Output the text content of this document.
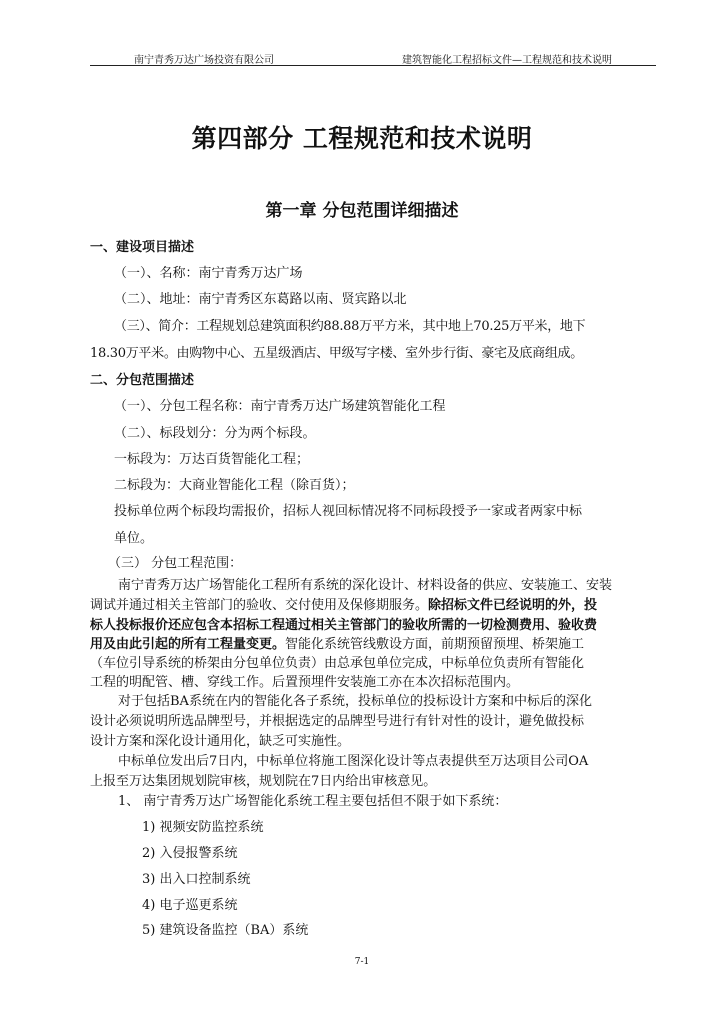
南宁青秀万达广场投资有限公司	建筑智能化工程招标文件—工程规范和技术说明
第四部分 工程规范和技术说明
第一章 分包范围详细描述
一、建设项目描述
（一）、名称：南宁青秀万达广场
（二）、地址：南宁青秀区东葛路以南、贤宾路以北
（三）、简介：工程规划总建筑面积约88.88万平方米，其中地上70.25万平米，地下
18.30万平米。由购物中心、五星级酒店、甲级写字楼、室外步行街、豪宅及底商组成。
二、分包范围描述
（一）、分包工程名称：南宁青秀万达广场建筑智能化工程
（二）、标段划分：分为两个标段。
一标段为：万达百货智能化工程；
二标段为：大商业智能化工程（除百货）；
投标单位两个标段均需报价，招标人视回标情况将不同标段授予一家或者两家中标
单位。
（三） 分包工程范围：
南宁青秀万达广场智能化工程所有系统的深化设计、材料设备的供应、安装施工、安装
调试并通过相关主管部门的验收、交付使用及保修期服务。除招标文件已经说明的外，投
标人投标报价还应包含本招标工程通过相关主管部门的验收所需的一切检测费用、验收费
用及由此引起的所有工程量变更。智能化系统管线敷设方面，前期预留预埋、桥架施工
（车位引导系统的桥架由分包单位负责）由总承包单位完成，中标单位负责所有智能化
工程的明配管、槽、穿线工作。后置预埋件安装施工亦在本次招标范围内。
对于包括BA系统在内的智能化各子系统，投标单位的投标设计方案和中标后的深化
设计必须说明所选品牌型号，并根据选定的品牌型号进行有针对性的设计，避免做投标
设计方案和深化设计通用化，缺乏可实施性。
中标单位发出后7日内，中标单位将施工图深化设计等点表提供至万达项目公司OA
上报至万达集团规划院审核，规划院在7日内给出审核意见。
1、 南宁青秀万达广场智能化系统工程主要包括但不限于如下系统：
1) 视频安防监控系统
2) 入侵报警系统
3) 出入口控制系统
4) 电子巡更系统
5) 建筑设备监控（BA）系统
7-1
